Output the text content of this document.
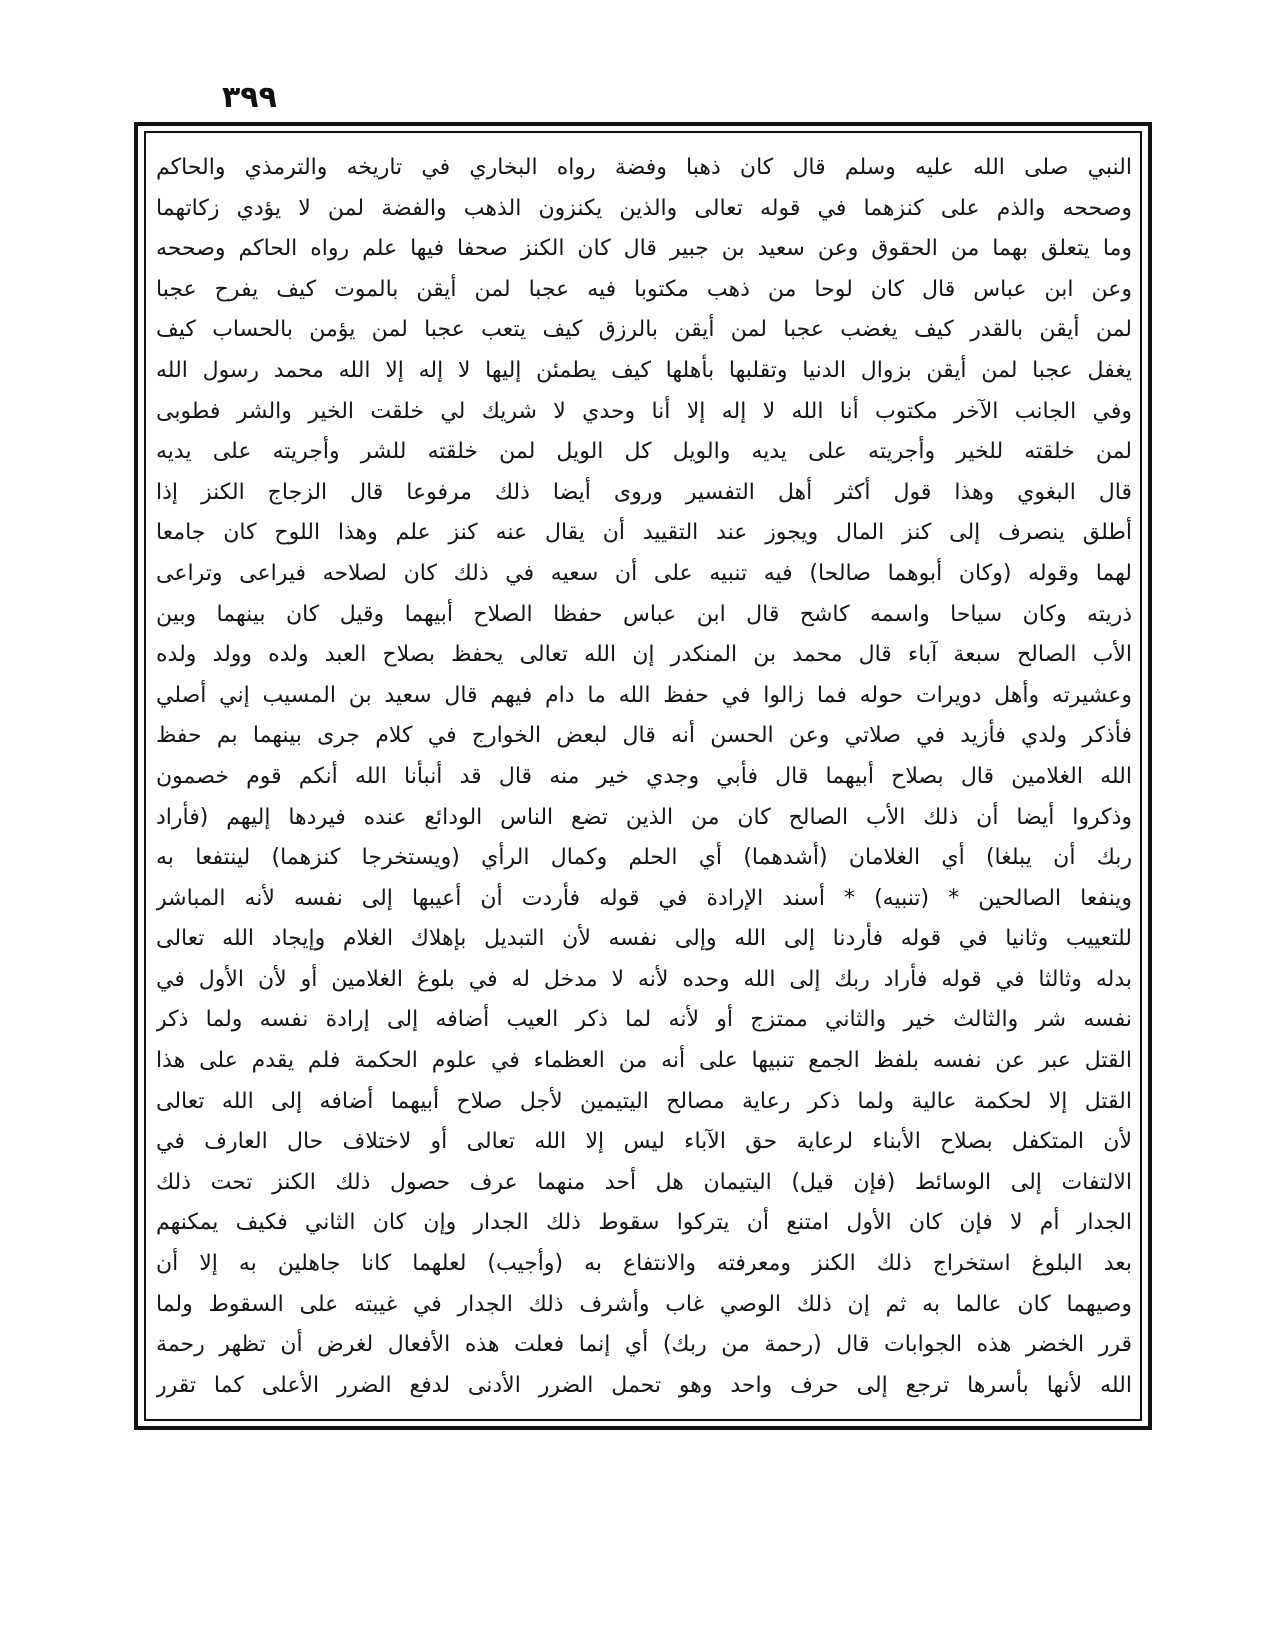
٣٩٩
النبي صلى الله عليه وسلم قال كان ذهبا وفضة رواه البخاري في تاريخه والترمذي والحاكم
وصححه والذم على كنزهما في قوله تعالى والذين يكنزون الذهب والفضة لمن لا يؤدي زكاتهما
وما يتعلق بهما من الحقوق وعن سعيد بن جبير قال كان الكنز صحفا فيها علم رواه الحاكم وصححه
وعن ابن عباس قال كان لوحا من ذهب مكتوبا فيه عجبا لمن أيقن بالموت كيف يفرح عجبا
لمن أيقن بالقدر كيف يغضب عجبا لمن أيقن بالرزق كيف يتعب عجبا لمن يؤمن بالحساب كيف
يغفل عجبا لمن أيقن بزوال الدنيا وتقلبها بأهلها كيف يطمئن إليها لا إله إلا الله محمد رسول الله
وفي الجانب الآخر مكتوب أنا الله لا إله إلا أنا وحدي لا شريك لي خلقت الخير والشر فطوبى
لمن خلقته للخير وأجريته على يديه والويل كل الويل لمن خلقته للشر وأجريته على يديه
قال البغوي وهذا قول أكثر أهل التفسير وروى أيضا ذلك مرفوعا قال الزجاج الكنز إذا
أطلق ينصرف إلى كنز المال ويجوز عند التقييد أن يقال عنه كنز علم وهذا اللوح كان جامعا
لهما وقوله (وكان أبوهما صالحا) فيه تنبيه على أن سعيه في ذلك كان لصلاحه فيراعى وتراعى
ذريته وكان سياحا واسمه كاشح قال ابن عباس حفظا الصلاح أبيهما وقيل كان بينهما وبين
الأب الصالح سبعة آباء قال محمد بن المنكدر إن الله تعالى يحفظ بصلاح العبد ولده وولد ولده
وعشيرته وأهل دويرات حوله فما زالوا في حفظ الله ما دام فيهم قال سعيد بن المسيب إني أصلي
فأذكر ولدي فأزيد في صلاتي وعن الحسن أنه قال لبعض الخوارج في كلام جرى بينهما بم حفظ
الله الغلامين قال بصلاح أبيهما قال فأبي وجدي خير منه قال قد أنبأنا الله أنكم قوم خصمون
وذكروا أيضا أن ذلك الأب الصالح كان من الذين تضع الناس الودائع عنده فيردها إليهم (فأراد
ربك أن يبلغا) أي الغلامان (أشدهما) أي الحلم وكمال الرأي (ويستخرجا كنزهما) لينتفعا به
وينفعا الصالحين * (تنبيه) * أسند الإرادة في قوله فأردت أن أعيبها إلى نفسه لأنه المباشر
للتعييب وثانيا في قوله فأردنا إلى الله وإلى نفسه لأن التبديل بإهلاك الغلام وإيجاد الله تعالى
بدله وثالثا في قوله فأراد ربك إلى الله وحده لأنه لا مدخل له في بلوغ الغلامين أو لأن الأول في
نفسه شر والثالث خير والثاني ممتزج أو لأنه لما ذكر العيب أضافه إلى إرادة نفسه ولما ذكر
القتل عبر عن نفسه بلفظ الجمع تنبيها على أنه من العظماء في علوم الحكمة فلم يقدم على هذا
القتل إلا لحكمة عالية ولما ذكر رعاية مصالح اليتيمين لأجل صلاح أبيهما أضافه إلى الله تعالى
لأن المتكفل بصلاح الأبناء لرعاية حق الآباء ليس إلا الله تعالى أو لاختلاف حال العارف في
الالتفات إلى الوسائط (فإن قيل) اليتيمان هل أحد منهما عرف حصول ذلك الكنز تحت ذلك
الجدار أم لا فإن كان الأول امتنع أن يتركوا سقوط ذلك الجدار وإن كان الثاني فكيف يمكنهم
بعد البلوغ استخراج ذلك الكنز ومعرفته والانتفاع به (وأجيب) لعلهما كانا جاهلين به إلا أن
وصيهما كان عالما به ثم إن ذلك الوصي غاب وأشرف ذلك الجدار في غيبته على السقوط ولما
قرر الخضر هذه الجوابات قال (رحمة من ربك) أي إنما فعلت هذه الأفعال لغرض أن تظهر رحمة
الله لأنها بأسرها ترجع إلى حرف واحد وهو تحمل الضرر الأدنى لدفع الضرر الأعلى كما تقرر
